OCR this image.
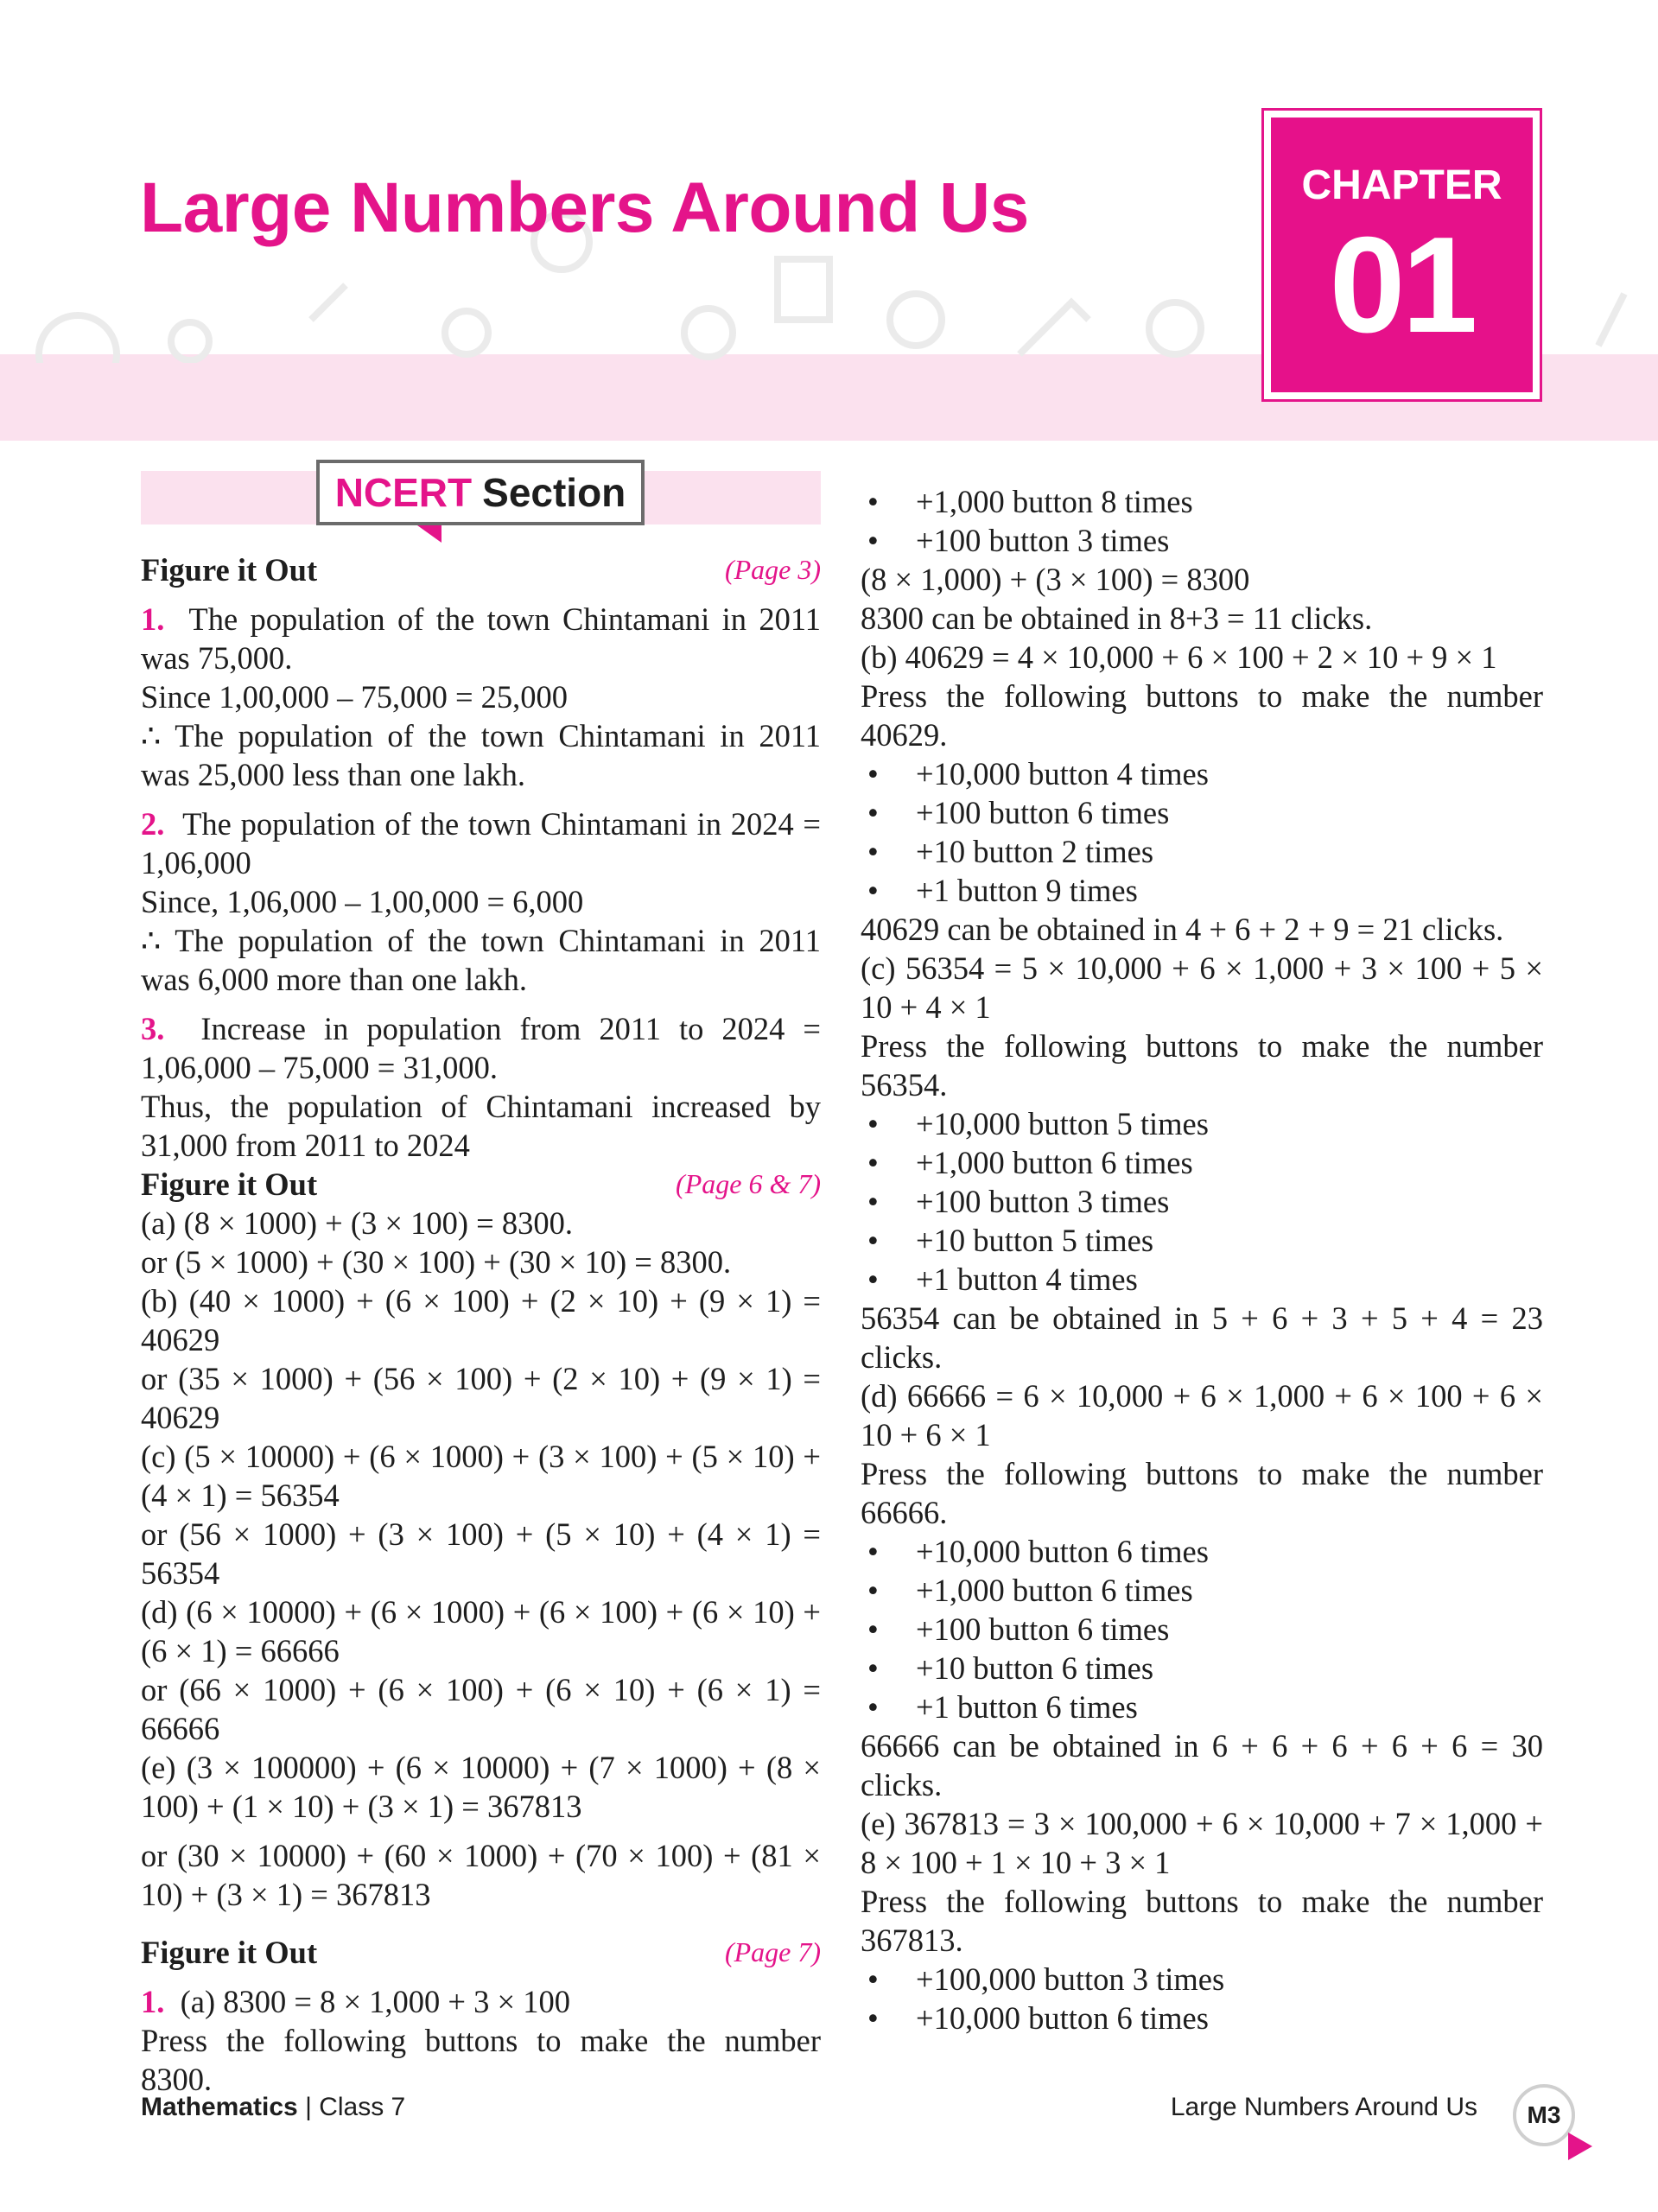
Large Numbers Around Us	CHAPTER
01
NCERT Section
Figure it Out	(Page 3)

1. The population of the town Chintamani in 2011 was 75,000.

Since 1,00,000 – 75,000 = 25,000

∴ The population of the town Chintamani in 2011 was 25,000 less than one lakh.

2. The population of the town Chintamani in 2024 = 1,06,000

Since, 1,06,000 – 1,00,000 = 6,000

∴ The population of the town Chintamani in 2011 was 6,000 more than one lakh.

3. Increase in population from 2011 to 2024 = 1,06,000 – 75,000 = 31,000.

Thus, the population of Chintamani increased by 31,000 from 2011 to 2024

Figure it Out	(Page 6 & 7)

(a) (8 × 1000) + (3 × 100) = 8300.

or (5 × 1000) + (30 × 100) + (30 × 10) = 8300.

(b) (40 × 1000) + (6 × 100) + (2 × 10) + (9 × 1) = 40629

or (35 × 1000) + (56 × 100) + (2 × 10) + (9 × 1) = 40629

(c) (5 × 10000) + (6 × 1000) + (3 × 100) + (5 × 10) + (4 × 1) = 56354

or (56 × 1000) + (3 × 100) + (5 × 10) + (4 × 1) = 56354

(d) (6 × 10000) + (6 × 1000) + (6 × 100) + (6 × 10) + (6 × 1) = 66666

or (66 × 1000) + (6 × 100) + (6 × 10) + (6 × 1) = 66666

(e) (3 × 100000) + (6 × 10000) + (7 × 1000) + (8 × 100) + (1 × 10) + (3 × 1) = 367813

or (30 × 10000) + (60 × 1000) + (70 × 100) + (81 × 10) + (3 × 1) = 367813

Figure it Out	(Page 7)

1. (a) 8300 = 8 × 1,000 + 3 × 100

Press the following buttons to make the number 8300.

•	+1,000 button 8 times
•	+100 button 3 times

(8 × 1,000) + (3 × 100) = 8300

8300 can be obtained in 8+3 = 11 clicks.

(b) 40629 = 4 × 10,000 + 6 × 100 + 2 × 10 + 9 × 1

Press the following buttons to make the number 40629.

•	+10,000 button 4 times
•	+100 button 6 times
•	+10 button 2 times
•	+1 button 9 times

40629 can be obtained in 4 + 6 + 2 + 9 = 21 clicks.

(c) 56354 = 5 × 10,000 + 6 × 1,000 + 3 × 100 + 5 × 10 + 4 × 1

Press the following buttons to make the number 56354.

•	+10,000 button 5 times
•	+1,000 button 6 times
•	+100 button 3 times
•	+10 button 5 times
•	+1 button 4 times

56354 can be obtained in 5 + 6 + 3 + 5 + 4 = 23 clicks.

(d) 66666 = 6 × 10,000 + 6 × 1,000 + 6 × 100 + 6 × 10 + 6 × 1

Press the following buttons to make the number 66666.

•	+10,000 button 6 times
•	+1,000 button 6 times
•	+100 button 6 times
•	+10 button 6 times
•	+1 button 6 times

66666 can be obtained in 6 + 6 + 6 + 6 + 6 = 30 clicks.

(e) 367813 = 3 × 100,000 + 6 × 10,000 + 7 × 1,000 + 8 × 100 + 1 × 10 + 3 × 1

Press the following buttons to make the number 367813.

•	+100,000 button 3 times
•	+10,000 button 6 times
Mathematics | Class 7	Large Numbers Around Us	M3
